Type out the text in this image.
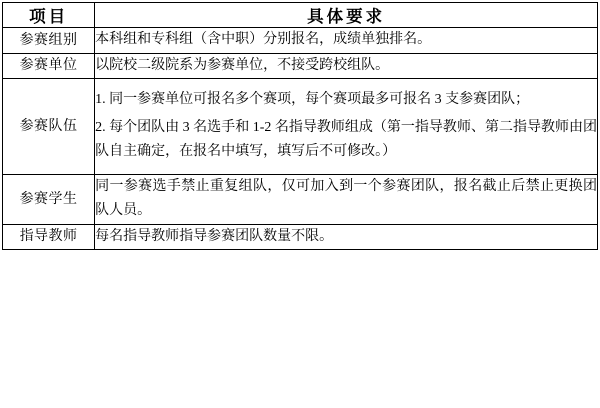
项目	具体要求
参赛组别	本科组和专科组（含中职）分别报名，成绩单独排名。

参赛单位	以院校二级院系为参赛单位，不接受跨校组队。

参赛队伍	1. 同一参赛单位可报名多个赛项，每个赛项最多可报名 3 支参赛团队；

2. 每个团队由 3 名选手和 1-2 名指导教师组成（第一指导教师、第二指导教师由团队自主确定，在报名中填写，填写后不可修改。）

参赛学生	同一参赛选手禁止重复组队，仅可加入到一个参赛团队，报名截止后禁止更换团队人员。

指导教师	每名指导教师指导参赛团队数量不限。
